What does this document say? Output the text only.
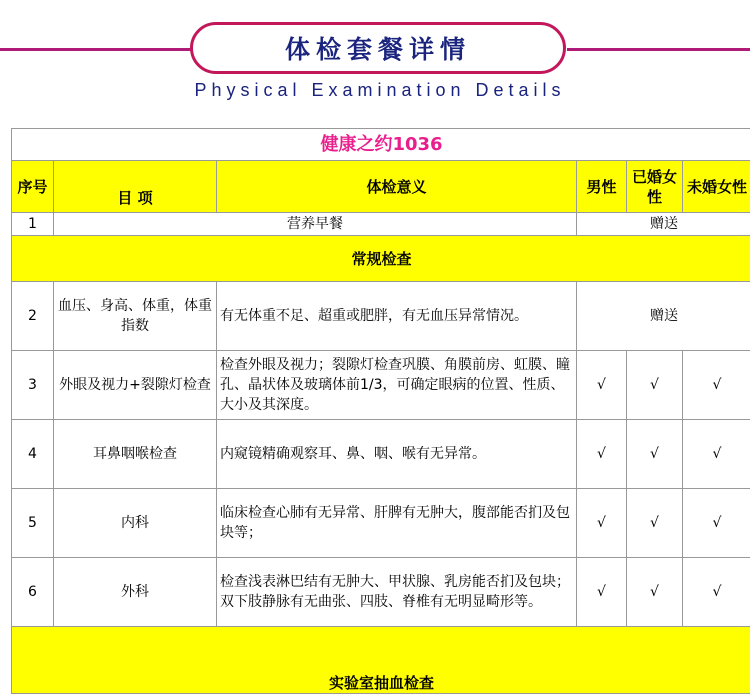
体检套餐详情
Physical Examination Details
健康之约1036					
序号	目 项	体检意义	男性	已婚女性	未婚女性
1	营养早餐		赠送		
常规检查					
2	血压、身高、体重，体重指数	有无体重不足、超重或肥胖，有无血压异常情况。	赠送		
3	外眼及视力+裂隙灯检查	检查外眼及视力；裂隙灯检查巩膜、角膜前房、虹膜、瞳孔、晶状体及玻璃体前1/3，可确定眼病的位置、性质、大小及其深度。	√	√	√
4	耳鼻咽喉检查	内窥镜精确观察耳、鼻、咽、喉有无异常。	√	√	√
5	内科	临床检查心肺有无异常、肝脾有无肿大，腹部能否扪及包块等；	√	√	√
6	外科	检查浅表淋巴结有无肿大、甲状腺、乳房能否扪及包块；双下肢静脉有无曲张、四肢、脊椎有无明显畸形等。	√	√	√
实验室抽血检查					
